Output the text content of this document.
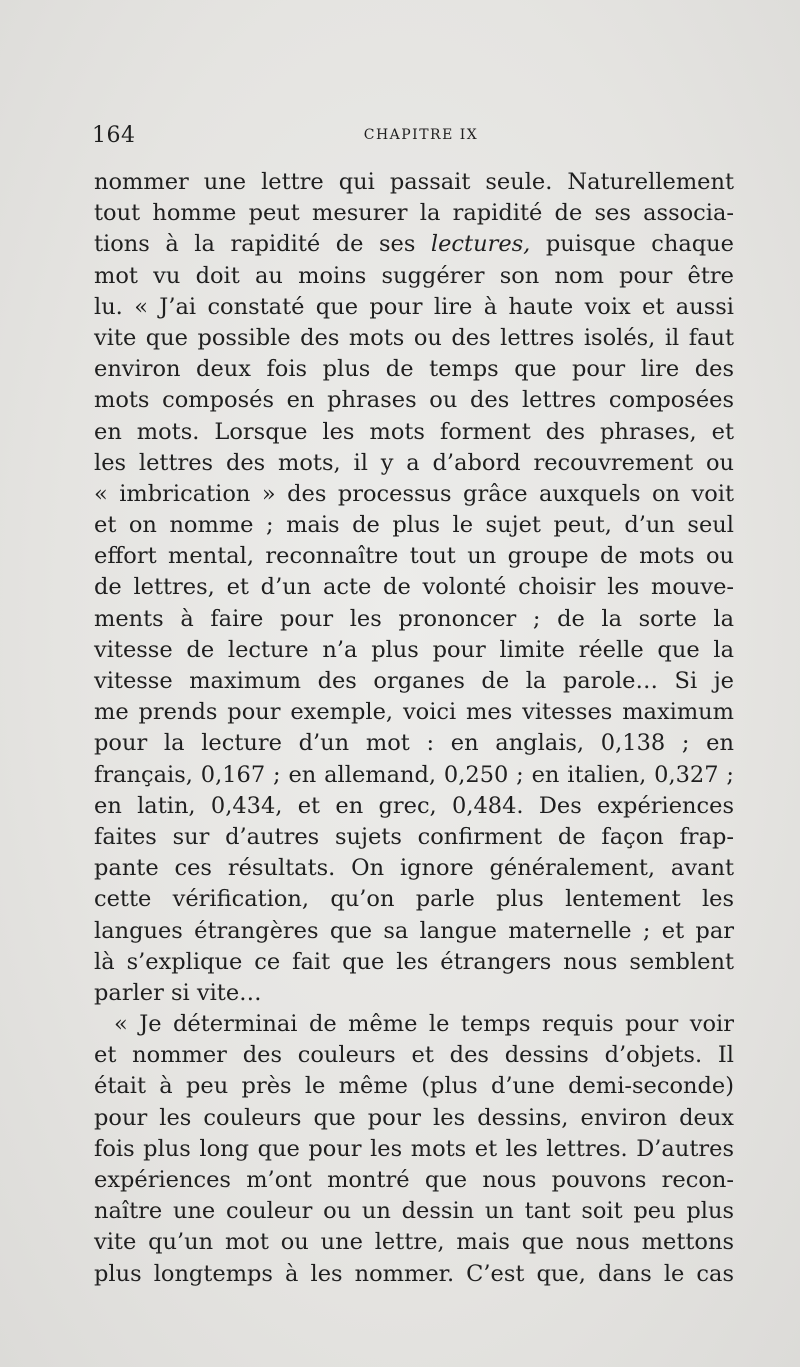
164	CHAPITRE IX
nommer une lettre qui passait seule. Naturellement
tout homme peut mesurer la rapidité de ses associa-
tions à la rapidité de ses lectures, puisque chaque
mot vu doit au moins suggérer son nom pour être
lu. « J’ai constaté que pour lire à haute voix et aussi
vite que possible des mots ou des lettres isolés, il faut
environ deux fois plus de temps que pour lire des
mots composés en phrases ou des lettres composées
en mots. Lorsque les mots forment des phrases, et
les lettres des mots, il y a d’abord recouvrement ou
« imbrication » des processus grâce auxquels on voit
et on nomme ; mais de plus le sujet peut, d’un seul
effort mental, reconnaître tout un groupe de mots ou
de lettres, et d’un acte de volonté choisir les mouve-
ments à faire pour les prononcer ; de la sorte la
vitesse de lecture n’a plus pour limite réelle que la
vitesse maximum des organes de la parole… Si je
me prends pour exemple, voici mes vitesses maximum
pour la lecture d’un mot : en anglais, 0,138 ; en
français, 0,167 ; en allemand, 0,250 ; en italien, 0,327 ;
en latin, 0,434, et en grec, 0,484. Des expériences
faites sur d’autres sujets confirment de façon frap-
pante ces résultats. On ignore généralement, avant
cette vérification, qu’on parle plus lentement les
langues étrangères que sa langue maternelle ; et par
là s’explique ce fait que les étrangers nous semblent
parler si vite…
« Je déterminai de même le temps requis pour voir
et nommer des couleurs et des dessins d’objets. Il
était à peu près le même (plus d’une demi-seconde)
pour les couleurs que pour les dessins, environ deux
fois plus long que pour les mots et les lettres. D’autres
expériences m’ont montré que nous pouvons recon-
naître une couleur ou un dessin un tant soit peu plus
vite qu’un mot ou une lettre, mais que nous mettons
plus longtemps à les nommer. C’est que, dans le cas
